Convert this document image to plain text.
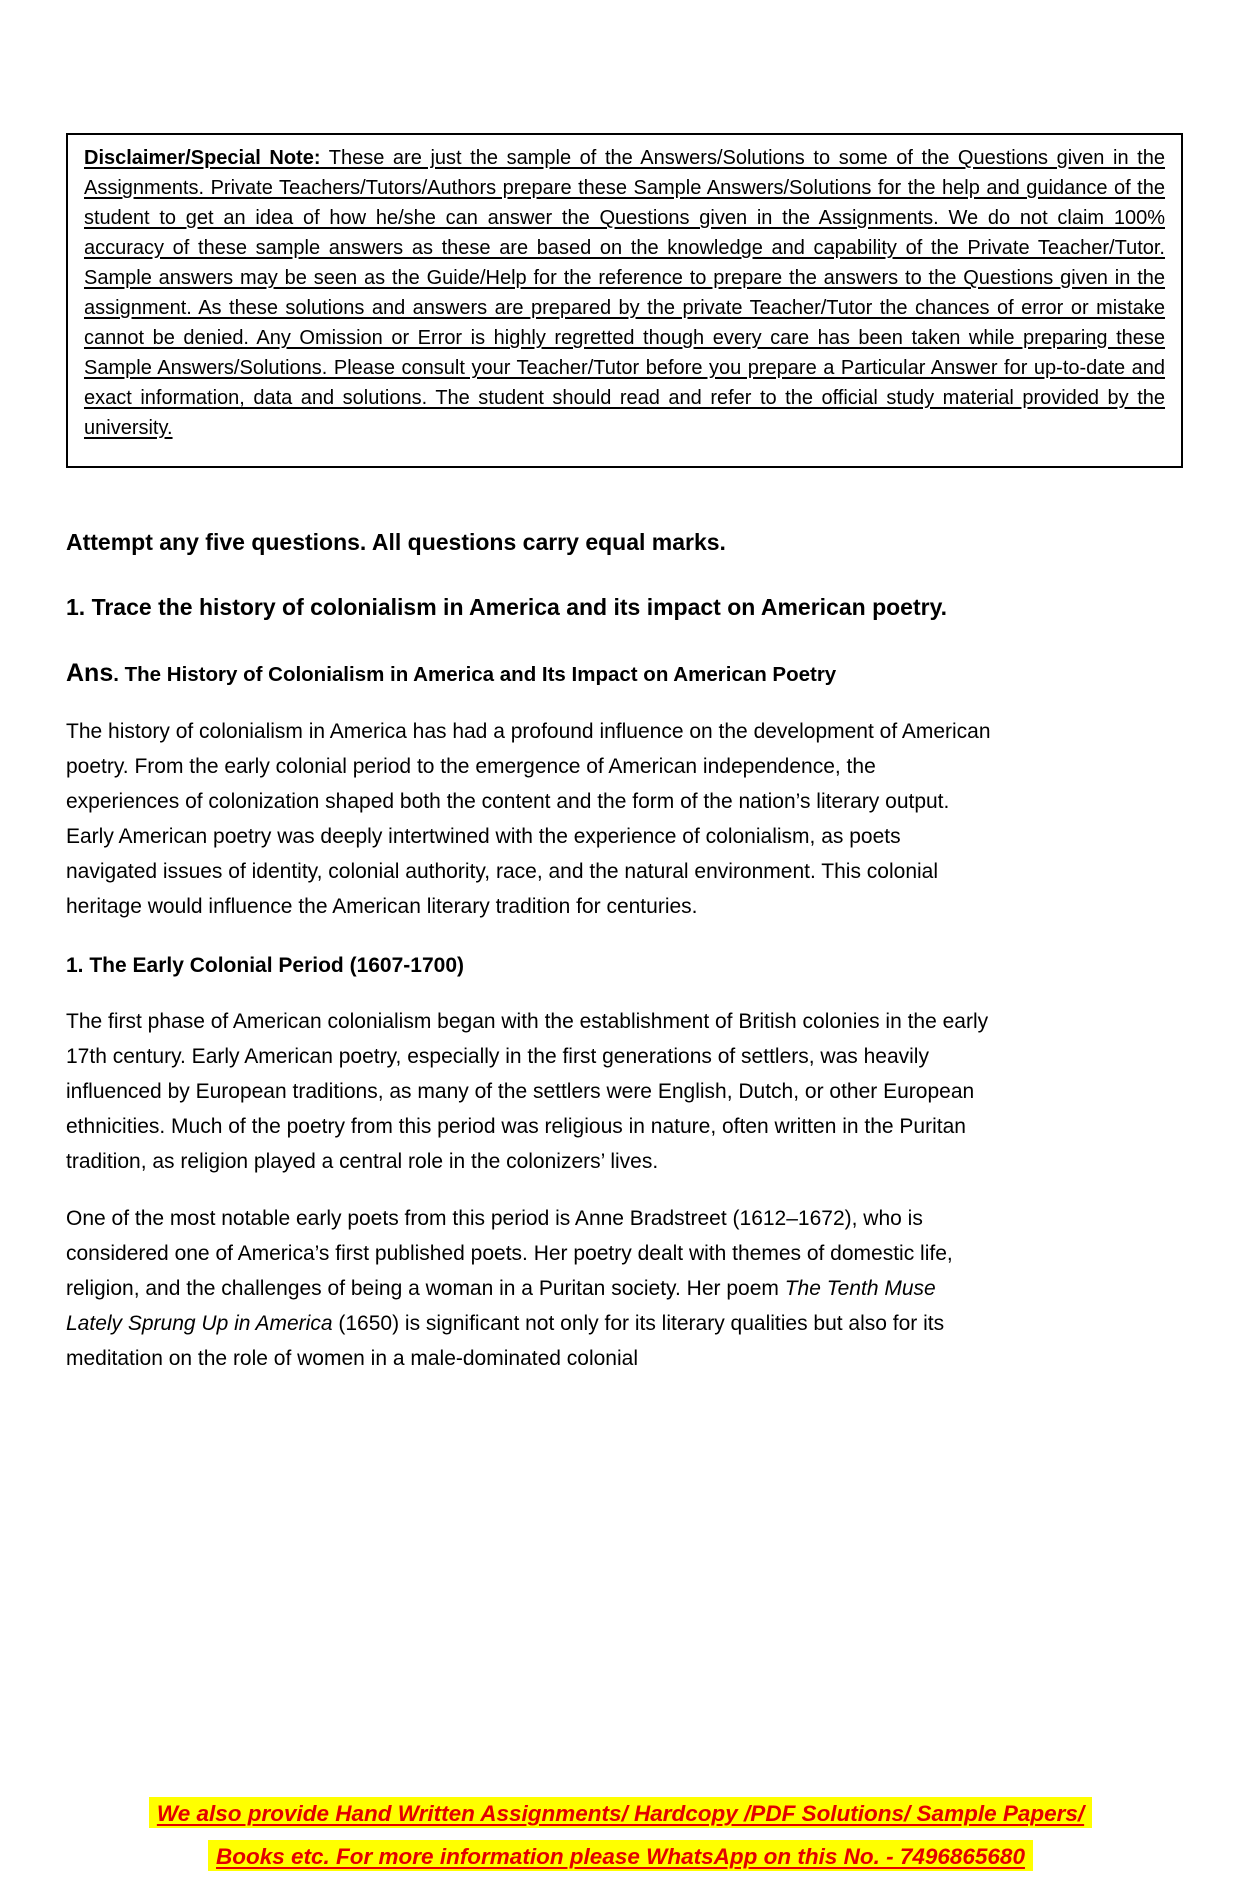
Disclaimer/Special Note: These are just the sample of the Answers/Solutions to some of the Questions given in the Assignments. Private Teachers/Tutors/Authors prepare these Sample Answers/Solutions for the help and guidance of the student to get an idea of how he/she can answer the Questions given in the Assignments. We do not claim 100% accuracy of these sample answers as these are based on the knowledge and capability of the Private Teacher/Tutor. Sample answers may be seen as the Guide/Help for the reference to prepare the answers to the Questions given in the assignment. As these solutions and answers are prepared by the private Teacher/Tutor the chances of error or mistake cannot be denied. Any Omission or Error is highly regretted though every care has been taken while preparing these Sample Answers/Solutions. Please consult your Teacher/Tutor before you prepare a Particular Answer for up-to-date and exact information, data and solutions. The student should read and refer to the official study material provided by the university.

Attempt any five questions. All questions carry equal marks.
1. Trace the history of colonialism in America and its impact on American poetry.
Ans. The History of Colonialism in America and Its Impact on American Poetry

The history of colonialism in America has had a profound influence on the development of American poetry. From the early colonial period to the emergence of American independence, the experiences of colonization shaped both the content and the form of the nation’s literary output. Early American poetry was deeply intertwined with the experience of colonialism, as poets navigated issues of identity, colonial authority, race, and the natural environment. This colonial heritage would influence the American literary tradition for centuries.

1. The Early Colonial Period (1607-1700)

The first phase of American colonialism began with the establishment of British colonies in the early 17th century. Early American poetry, especially in the first generations of settlers, was heavily influenced by European traditions, as many of the settlers were English, Dutch, or other European ethnicities. Much of the poetry from this period was religious in nature, often written in the Puritan tradition, as religion played a central role in the colonizers’ lives.

One of the most notable early poets from this period is Anne Bradstreet (1612–1672), who is considered one of America’s first published poets. Her poetry dealt with themes of domestic life, religion, and the challenges of being a woman in a Puritan society. Her poem The Tenth Muse Lately Sprung Up in America (1650) is significant not only for its literary qualities but also for its meditation on the role of women in a male-dominated colonial

We also provide Hand Written Assignments/ Hardcopy /PDF Solutions/ Sample Papers/
Books etc. For more information please WhatsApp on this No. - 7496865680
